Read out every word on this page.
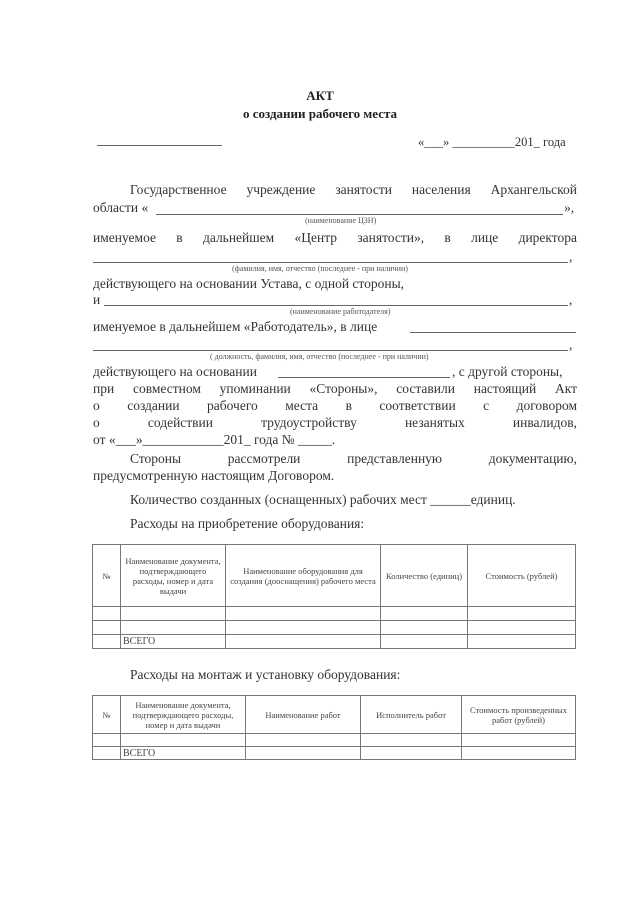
АКТ
о создании рабочего места
«___» __________201_ года
Государственное учреждение занятости населения Архангельской
области «	»,
(наименование ЦЗН)
именуемое в дальнейшем «Центр занятости», в лице директора
,
(фамилия, имя, отчество (последнее - при наличии)
действующего на основании Устава, с одной стороны,
и	,
(наименование работодателя)
именуемое в дальнейшем «Работодатель», в лице
,
( должность, фамилия, имя, отчество (последнее - при наличии)
действующего на основании	, с другой стороны,
при совместном упоминании «Стороны», составили настоящий Акт
о создании рабочего места в соответствии с договором
о содействии трудоустройству незанятых инвалидов,
от «___»____________201_ года № _____.
Стороны рассмотрели представленную документацию,
предусмотренную настоящим Договором.
Количество созданных (оснащенных) рабочих мест ______единиц.
Расходы на приобретение оборудования:
№	Наименование документа, подтверждающего расходы, номер и дата выдачи	Наименование оборудования для создания (дооснащения) рабочего места	Количество (единиц)	Стоимость (рублей)

	ВСЕГО			
Расходы на монтаж и установку оборудования:
№	Наименование документа, подтверждающего расходы, номер и дата выдачи	Наименование работ	Исполнитель работ	Стоимость произведенных работ (рублей)

	ВСЕГО			
